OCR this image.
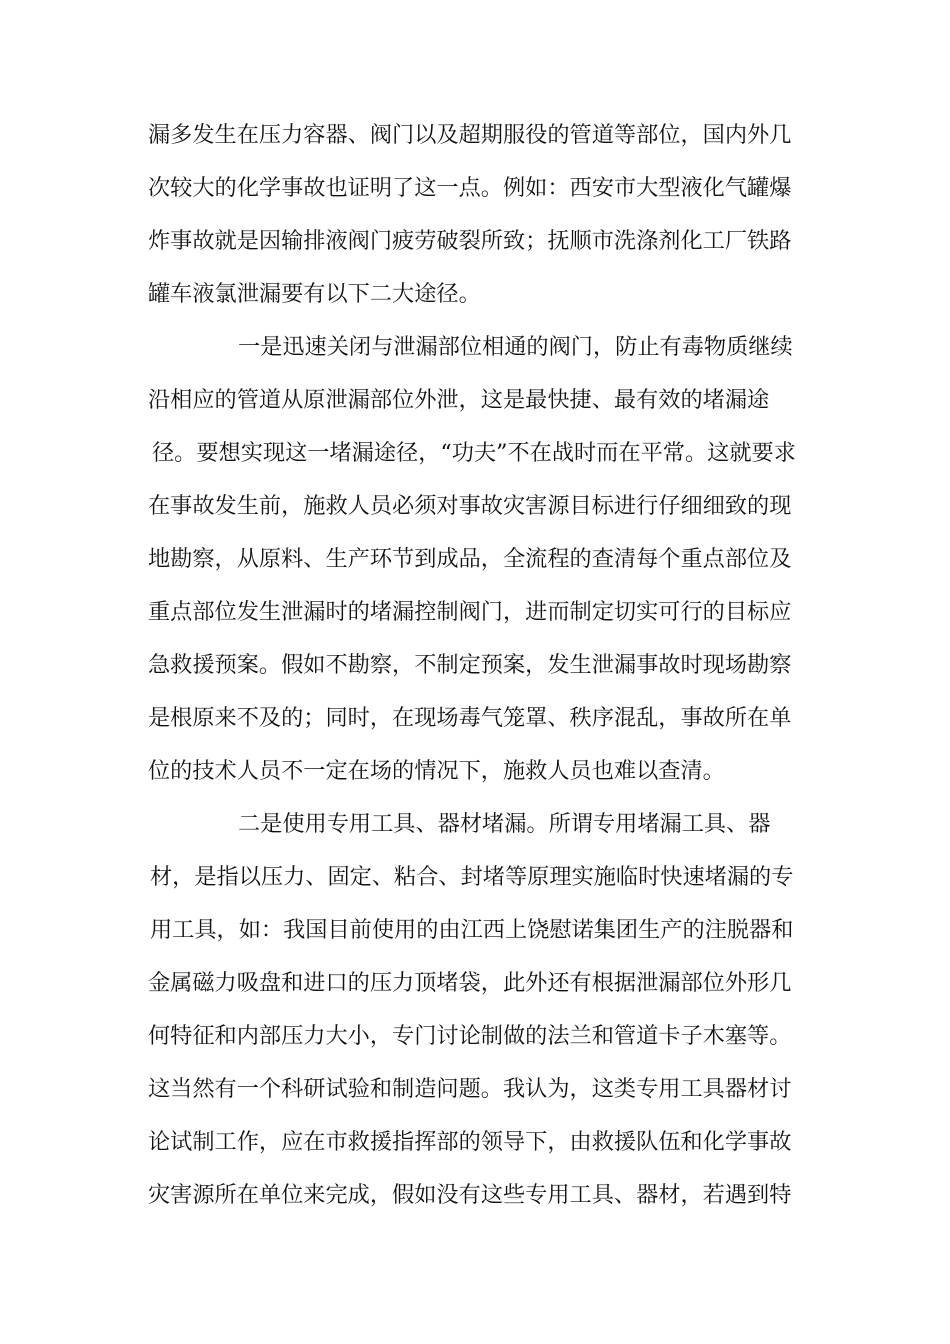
漏多发生在压力容器、阀门以及超期服役的管道等部位，国内外几
次较大的化学事故也证明了这一点。例如：西安市大型液化气罐爆
炸事故就是因输排液阀门疲劳破裂所致；抚顺市洗涤剂化工厂铁路
罐车液氯泄漏要有以下二大途径。
一是迅速关闭与泄漏部位相通的阀门，防止有毒物质继续
沿相应的管道从原泄漏部位外泄，这是最快捷、最有效的堵漏途
径。要想实现这一堵漏途径，“功夫”不在战时而在平常。这就要求
在事故发生前，施救人员必须对事故灾害源目标进行仔细细致的现
地勘察，从原料、生产环节到成品，全流程的查清每个重点部位及
重点部位发生泄漏时的堵漏控制阀门，进而制定切实可行的目标应
急救援预案。假如不勘察，不制定预案，发生泄漏事故时现场勘察
是根原来不及的；同时，在现场毒气笼罩、秩序混乱，事故所在单
位的技术人员不一定在场的情况下，施救人员也难以查清。
二是使用专用工具、器材堵漏。所谓专用堵漏工具、器
材，是指以压力、固定、粘合、封堵等原理实施临时快速堵漏的专
用工具，如：我国目前使用的由江西上饶慰诺集团生产的注脱器和
金属磁力吸盘和进口的压力顶堵袋，此外还有根据泄漏部位外形几
何特征和内部压力大小，专门讨论制做的法兰和管道卡子木塞等。
这当然有一个科研试验和制造问题。我认为，这类专用工具器材讨
论试制工作，应在市救援指挥部的领导下，由救援队伍和化学事故
灾害源所在单位来完成，假如没有这些专用工具、器材，若遇到特
